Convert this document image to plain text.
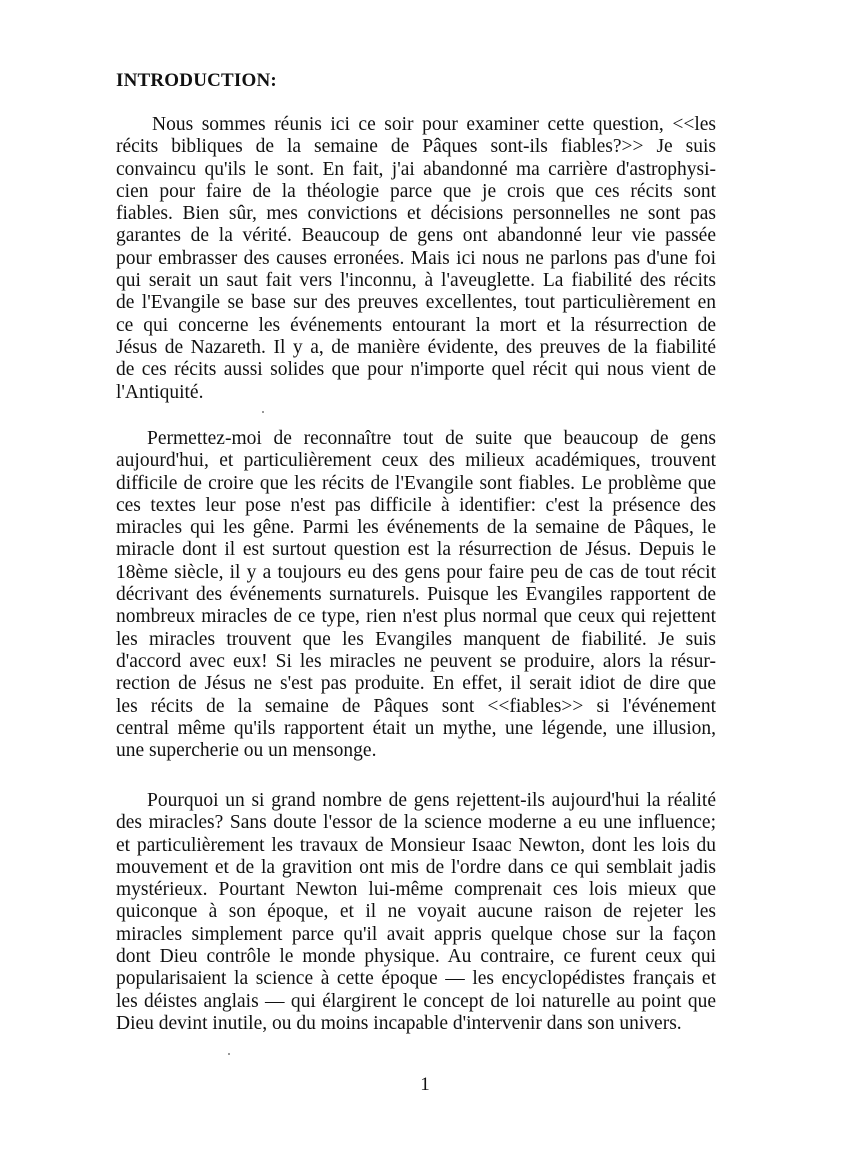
INTRODUCTION:

Nous sommes réunis ici ce soir pour examiner cette question, <<les
récits bibliques de la semaine de Pâques sont-ils fiables?>> Je suis
convaincu qu'ils le sont. En fait, j'ai abandonné ma carrière d'astrophysi-
cien pour faire de la théologie parce que je crois que ces récits sont
fiables. Bien sûr, mes convictions et décisions personnelles ne sont pas
garantes de la vérité. Beaucoup de gens ont abandonné leur vie passée
pour embrasser des causes erronées. Mais ici nous ne parlons pas d'une foi
qui serait un saut fait vers l'inconnu, à l'aveuglette. La fiabilité des récits
de l'Evangile se base sur des preuves excellentes, tout particulièrement en
ce qui concerne les événements entourant la mort et la résurrection de
Jésus de Nazareth. Il y a, de manière évidente, des preuves de la fiabilité
de ces récits aussi solides que pour n'importe quel récit qui nous vient de
l'Antiquité.

Permettez-moi de reconnaître tout de suite que beaucoup de gens
aujourd'hui, et particulièrement ceux des milieux académiques, trouvent
difficile de croire que les récits de l'Evangile sont fiables. Le problème que
ces textes leur pose n'est pas difficile à identifier: c'est la présence des
miracles qui les gêne. Parmi les événements de la semaine de Pâques, le
miracle dont il est surtout question est la résurrection de Jésus. Depuis le
18ème siècle, il y a toujours eu des gens pour faire peu de cas de tout récit
décrivant des événements surnaturels. Puisque les Evangiles rapportent de
nombreux miracles de ce type, rien n'est plus normal que ceux qui rejettent
les miracles trouvent que les Evangiles manquent de fiabilité. Je suis
d'accord avec eux! Si les miracles ne peuvent se produire, alors la résur-
rection de Jésus ne s'est pas produite. En effet, il serait idiot de dire que
les récits de la semaine de Pâques sont <<fiables>> si l'événement
central même qu'ils rapportent était un mythe, une légende, une illusion,
une supercherie ou un mensonge.

Pourquoi un si grand nombre de gens rejettent-ils aujourd'hui la réalité
des miracles? Sans doute l'essor de la science moderne a eu une influence;
et particulièrement les travaux de Monsieur Isaac Newton, dont les lois du
mouvement et de la gravition ont mis de l'ordre dans ce qui semblait jadis
mystérieux. Pourtant Newton lui-même comprenait ces lois mieux que
quiconque à son époque, et il ne voyait aucune raison de rejeter les
miracles simplement parce qu'il avait appris quelque chose sur la façon
dont Dieu contrôle le monde physique. Au contraire, ce furent ceux qui
popularisaient la science à cette époque — les encyclopédistes français et
les déistes anglais — qui élargirent le concept de loi naturelle au point que
Dieu devint inutile, ou du moins incapable d'intervenir dans son univers.

1
